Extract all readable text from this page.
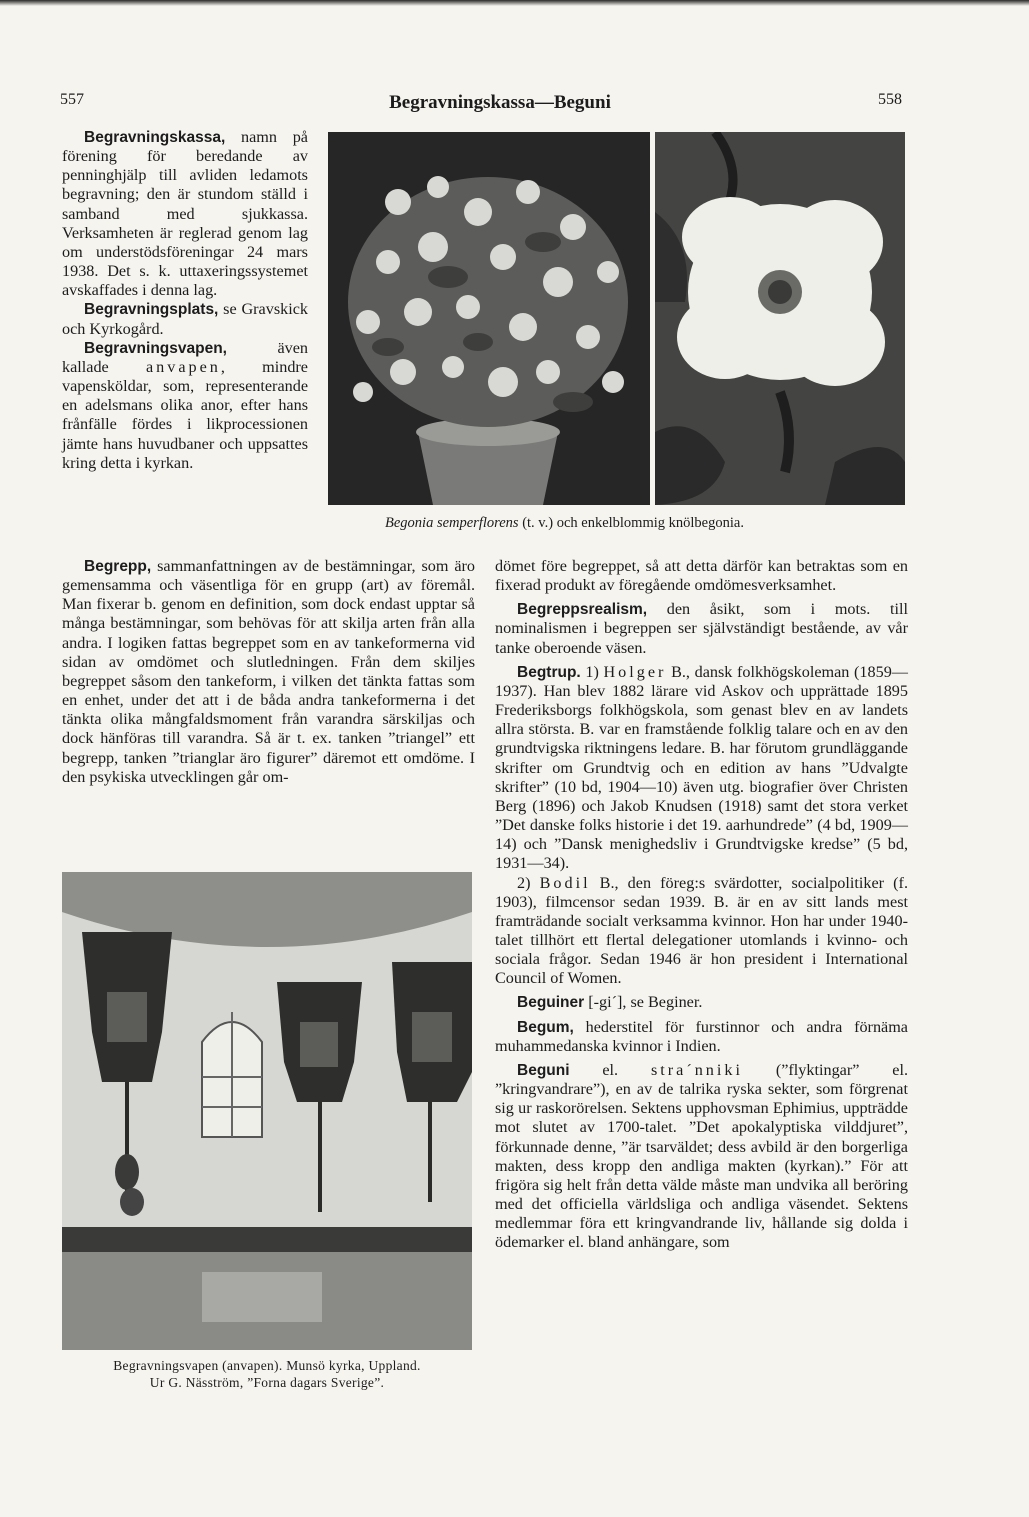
557	Begravningskassa—Beguni	558

Begravningskassa, namn på förening för beredande av penninghjälp till avliden ledamots begravning; den är stundom ställd i samband med sjukkassa. Verksamheten är reglerad genom lag om understödsföreningar 24 mars 1938. Det s. k. uttaxeringssystemet avskaffades i denna lag.

Begravningsplats, se Gravskick och Kyrkogård.

Begravningsvapen, även kallade anvapen, mindre vapensköldar, som, representerande en adelsmans olika anor, efter hans frånfälle fördes i likprocessionen jämte hans huvudbaner och uppsattes kring detta i kyrkan.

Begrepp, sammanfattningen av de bestämningar, som äro gemensamma och väsentliga för en grupp (art) av föremål. Man fixerar b. genom en definition, som dock endast upptar så många bestämningar, som behövas för att skilja arten från alla andra. I logiken fattas begreppet som en av tankeformerna vid sidan av omdömet och slutledningen. Från dem skiljes begreppet såsom den tankeform, i vilken det tänkta fattas som en enhet, under det att i de båda andra tankeformerna i det tänkta olika mångfaldsmoment från varandra särskiljas och dock hänföras till varandra. Så är t. ex. tanken ”triangel” ett begrepp, tanken ”trianglar äro figurer” däremot ett omdöme. I den psykiska utvecklingen går om-

Begonia semperflorens (t. v.) och enkelblommig knölbegonia.

dömet före begreppet, så att detta därför kan betraktas som en fixerad produkt av föregående omdömesverksamhet.

Begreppsrealism, den åsikt, som i mots. till nominalismen i begreppen ser självständigt bestående, av vår tanke oberoende väsen.

Begtrup. 1) Holger B., dansk folkhögskoleman (1859—1937). Han blev 1882 lärare vid Askov och upprättade 1895 Frederiksborgs folkhögskola, som genast blev en av landets allra största. B. var en framstående folklig talare och en av den grundtvigska riktningens ledare. B. har förutom grundläggande skrifter om Grundtvig och en edition av hans ”Udvalgte skrifter” (10 bd, 1904—10) även utg. biografier över Christen Berg (1896) och Jakob Knudsen (1918) samt det stora verket ”Det danske folks historie i det 19. aarhundrede” (4 bd, 1909—14) och ”Dansk menighedsliv i Grundtvigske kredse” (5 bd, 1931—34).

2) Bodil B., den föreg:s svärdotter, socialpolitiker (f. 1903), filmcensor sedan 1939. B. är en av sitt lands mest framträdande socialt verksamma kvinnor. Hon har under 1940-talet tillhört ett flertal delegationer utomlands i kvinno- och sociala frågor. Sedan 1946 är hon president i International Council of Women.

Beguiner [-gi´], se Beginer.

Begum, hederstitel för furstinnor och andra förnäma muhammedanska kvinnor i Indien.

Beguni el. stra´nniki (”flyktingar” el. ”kringvandrare”), en av de talrika ryska sekter, som förgrenat sig ur raskorörelsen. Sektens upphovsman Ephimius, uppträdde mot slutet av 1700-talet. ”Det apokalyptiska vilddjuret”, förkunnade denne, ”är tsarväldet; dess avbild är den borgerliga makten, dess kropp den andliga makten (kyrkan).” För att frigöra sig helt från detta välde måste man undvika all beröring med det officiella världsliga och andliga väsendet. Sektens medlemmar föra ett kringvandrande liv, hållande sig dolda i ödemarker el. bland anhängare, som

Begravningsvapen (anvapen). Munsö kyrka, Uppland.
Ur G. Näsström, ”Forna dagars Sverige”.
